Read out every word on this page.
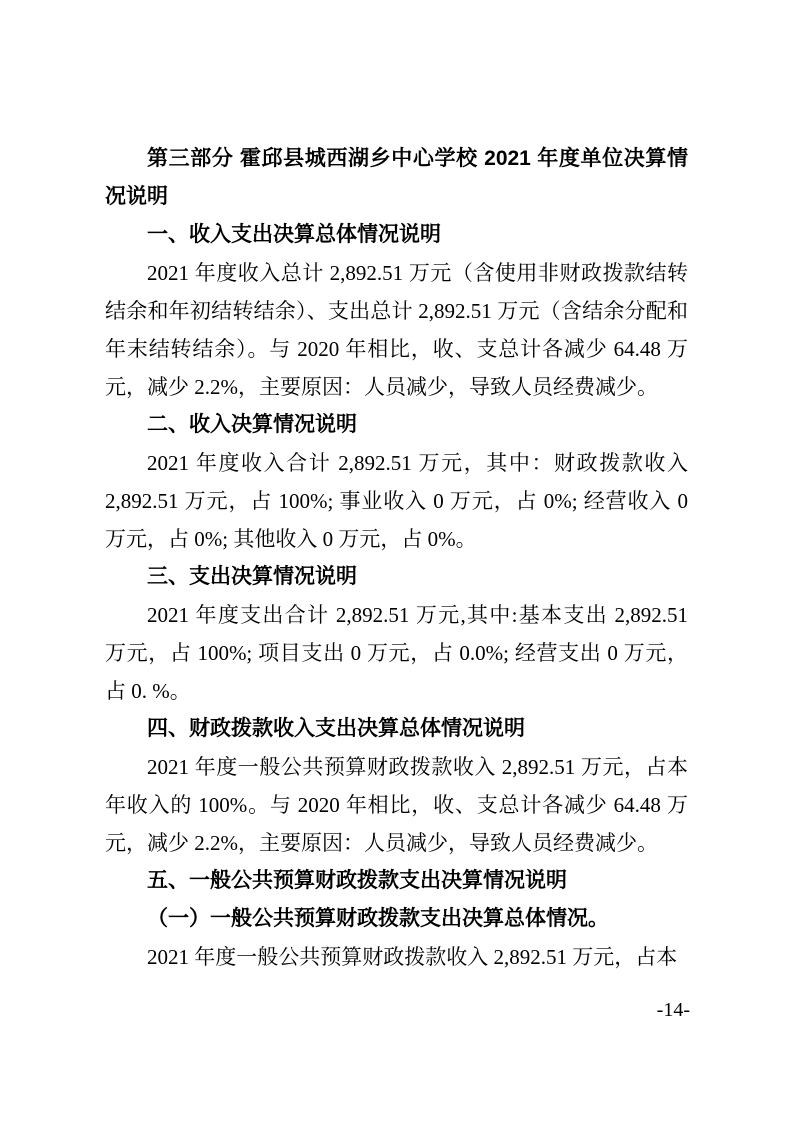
第三部分 霍邱县城西湖乡中心学校 2021 年度单位决算情况说明
一、收入支出决算总体情况说明

2021 年度收入总计 2,892.51 万元（含使用非财政拨款结转结余和年初结转结余）、支出总计 2,892.51 万元（含结余分配和年末结转结余）。与 2020 年相比，收、支总计各减少 64.48 万元，减少 2.2%，主要原因：人员减少，导致人员经费减少。

二、收入决算情况说明

2021 年度收入合计 2,892.51 万元，其中：财政拨款收入 2,892.51 万元，占 100%; 事业收入 0 万元，占 0%; 经营收入 0 万元，占 0%; 其他收入 0 万元，占 0%。

三、支出决算情况说明

2021 年度支出合计 2,892.51 万元,其中:基本支出 2,892.51 万元，占 100%; 项目支出 0 万元，占 0.0%; 经营支出 0 万元，占 0. %。

四、财政拨款收入支出决算总体情况说明

2021 年度一般公共预算财政拨款收入 2,892.51 万元，占本年收入的 100%。与 2020 年相比，收、支总计各减少 64.48 万元，减少 2.2%，主要原因：人员减少，导致人员经费减少。

五、一般公共预算财政拨款支出决算情况说明
（一）一般公共预算财政拨款支出决算总体情况。

2021 年度一般公共预算财政拨款收入 2,892.51 万元，占本

-14-
